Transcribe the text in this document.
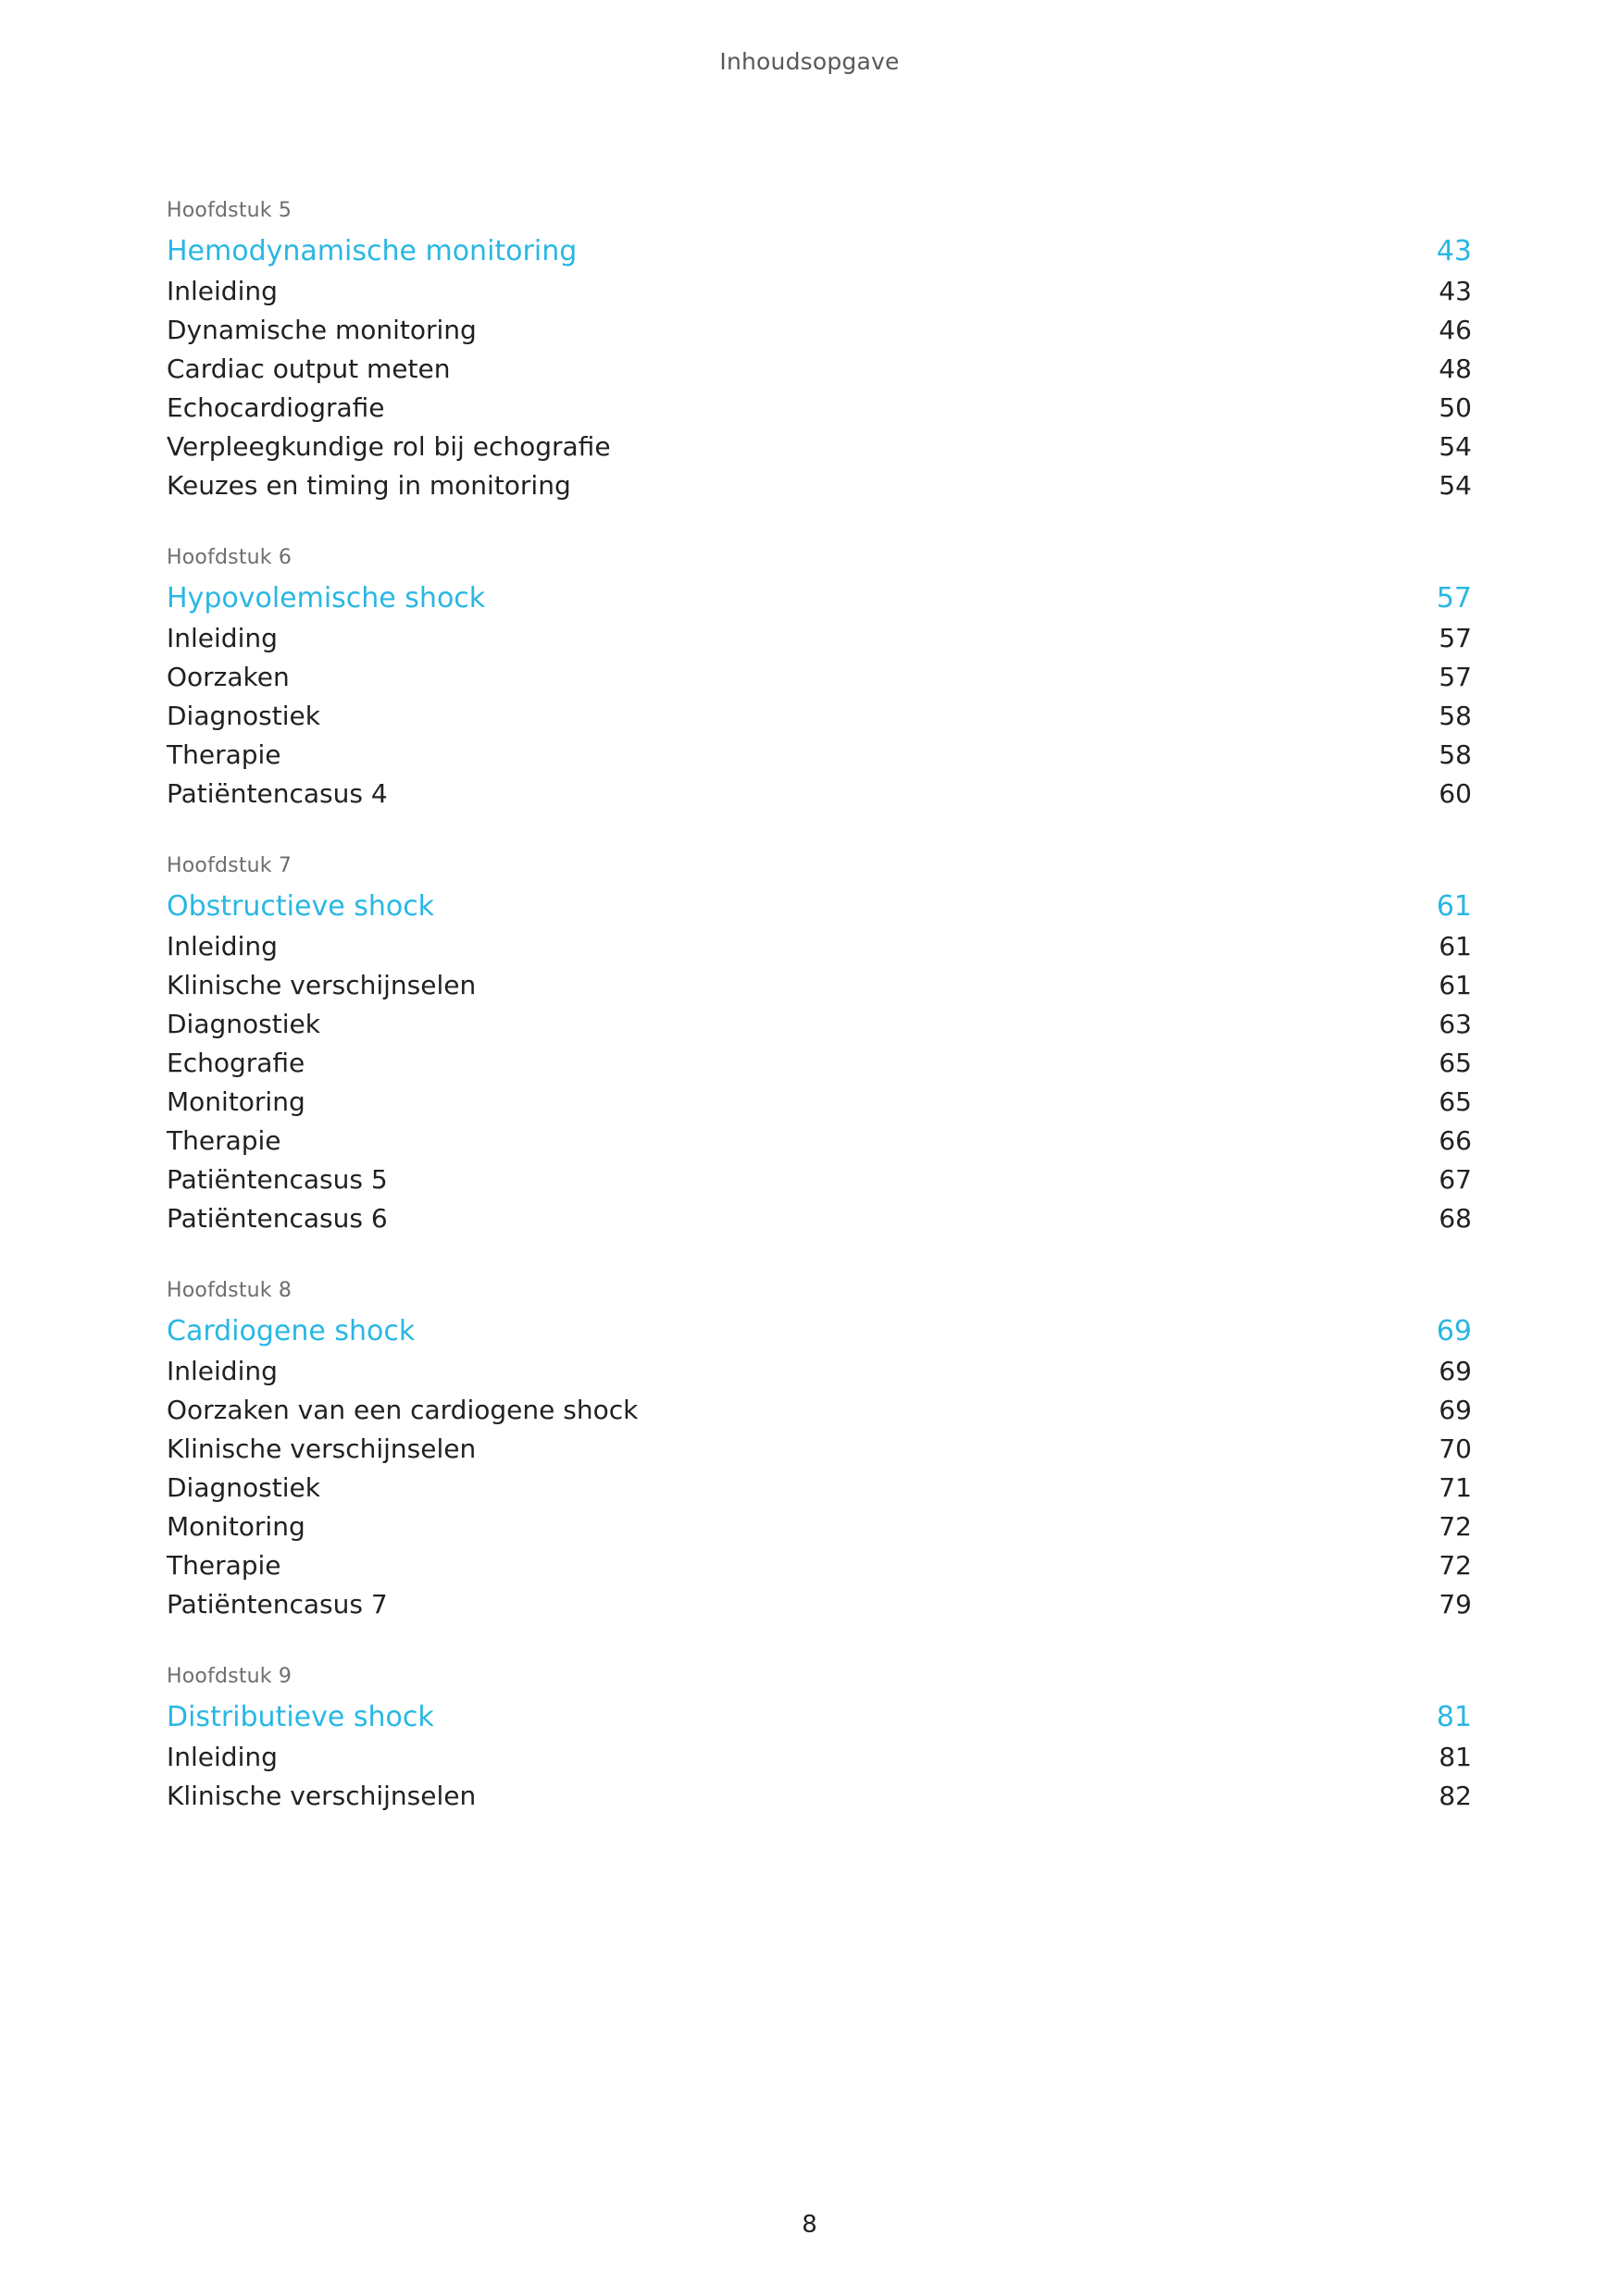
Inhoudsopgave
Hoofdstuk 5
Hemodynamische monitoring	43
Inleiding	43
Dynamische monitoring	46
Cardiac output meten	48
Echocardiografie	50
Verpleegkundige rol bij echografie	54
Keuzes en timing in monitoring	54
Hoofdstuk 6
Hypovolemische shock	57
Inleiding	57
Oorzaken	57
Diagnostiek	58
Therapie	58
Patiëntencasus 4	60
Hoofdstuk 7
Obstructieve shock	61
Inleiding	61
Klinische verschijnselen	61
Diagnostiek	63
Echografie	65
Monitoring	65
Therapie	66
Patiëntencasus 5	67
Patiëntencasus 6	68
Hoofdstuk 8
Cardiogene shock	69
Inleiding	69
Oorzaken van een cardiogene shock	69
Klinische verschijnselen	70
Diagnostiek	71
Monitoring	72
Therapie	72
Patiëntencasus 7	79
Hoofdstuk 9
Distributieve shock	81
Inleiding	81
Klinische verschijnselen	82
8
